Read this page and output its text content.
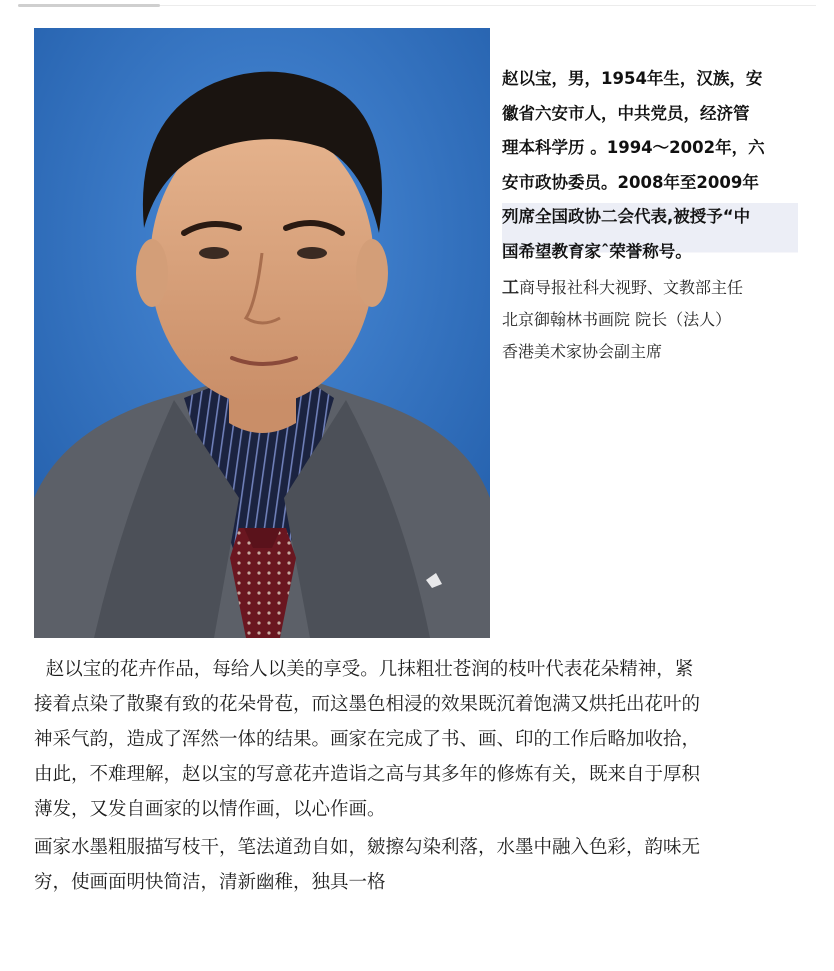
赵以宝，男，1954年生，汉族，安

徽省六安市人，中共党员，经济管

理本科学历 。1994～2002年，六

安市政协委员。2008年至2009年

列席全国政协二会代表,被授予“中

国希望教育家ˆ荣誉称号。

工商导报社科大视野、文教部主任

北京御翰林书画院 院长（法人）

香港美术家协会副主席

赵以宝的花卉作品，每给人以美的享受。几抹粗壮苍润的枝叶代表花朵精神，紧

接着点染了散聚有致的花朵骨苞，而这墨色相浸的效果既沉着饱满又烘托出花叶的

神采气韵，造成了浑然一体的结果。画家在完成了书、画、印的工作后略加收拾，

由此，不难理解，赵以宝的写意花卉造诣之高与其多年的修炼有关，既来自于厚积

薄发，又发自画家的以情作画，以心作画。

画家水墨粗服描写枝干，笔法道劲自如，皴擦勾染利落，水墨中融入色彩，韵味无

穷，使画面明快简洁，清新幽稚，独具一格
